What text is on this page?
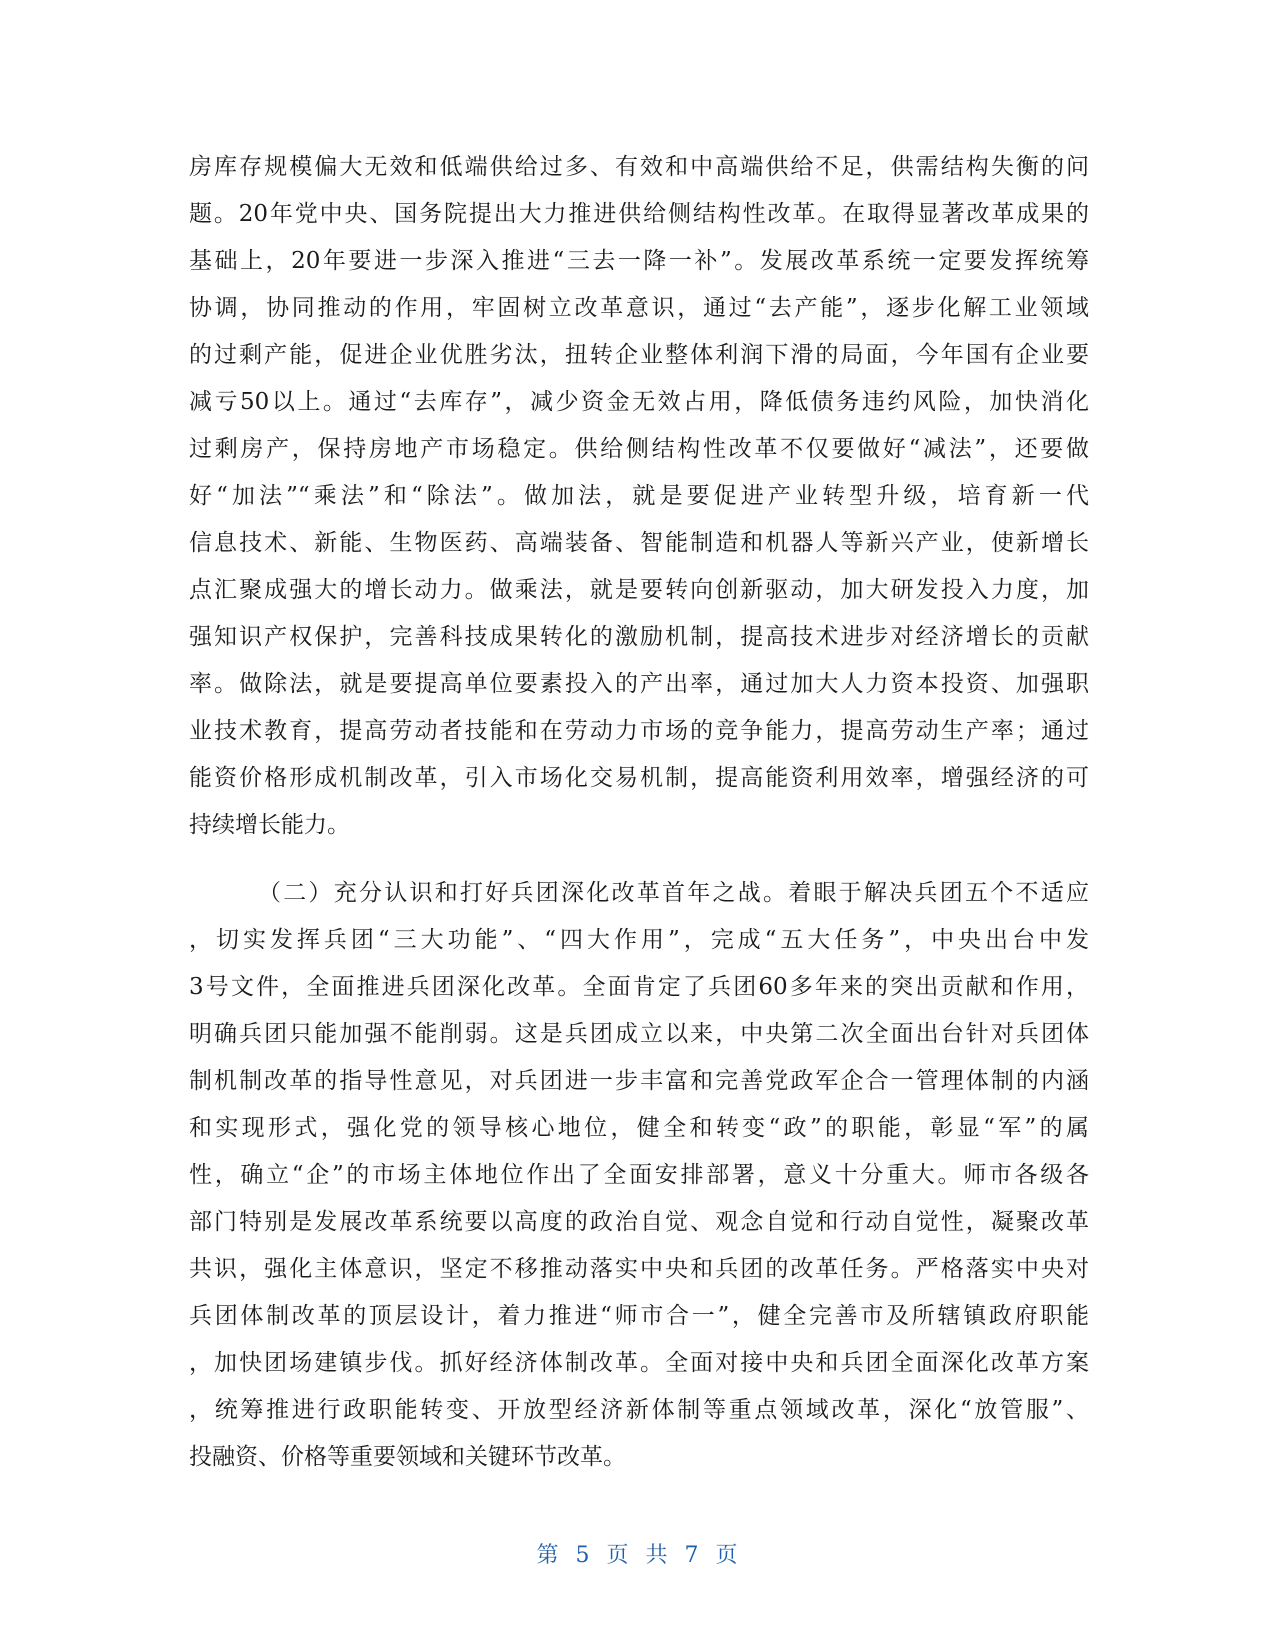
房库存规模偏大无效和低端供给过多、有效和中高端供给不足，供需结构失衡的问
题。20年党中央、国务院提出大力推进供给侧结构性改革。在取得显著改革成果的
基础上，20年要进一步深入推进“三去一降一补”。发展改革系统一定要发挥统筹
协调，协同推动的作用，牢固树立改革意识，通过“去产能”，逐步化解工业领域
的过剩产能，促进企业优胜劣汰，扭转企业整体利润下滑的局面，今年国有企业要
减亏50以上。通过“去库存”，减少资金无效占用，降低债务违约风险，加快消化
过剩房产，保持房地产市场稳定。供给侧结构性改革不仅要做好“减法”，还要做
好“加法”“乘法”和“除法”。做加法，就是要促进产业转型升级，培育新一代
信息技术、新能、生物医药、高端装备、智能制造和机器人等新兴产业，使新增长
点汇聚成强大的增长动力。做乘法，就是要转向创新驱动，加大研发投入力度，加
强知识产权保护，完善科技成果转化的激励机制，提高技术进步对经济增长的贡献
率。做除法，就是要提高单位要素投入的产出率，通过加大人力资本投资、加强职
业技术教育，提高劳动者技能和在劳动力市场的竞争能力，提高劳动生产率；通过
能资价格形成机制改革，引入市场化交易机制，提高能资利用效率，增强经济的可
持续增长能力。
（二）充分认识和打好兵团深化改革首年之战。着眼于解决兵团五个不适应
，切实发挥兵团“三大功能”、“四大作用”，完成“五大任务”，中央出台中发
3号文件，全面推进兵团深化改革。全面肯定了兵团60多年来的突出贡献和作用，
明确兵团只能加强不能削弱。这是兵团成立以来，中央第二次全面出台针对兵团体
制机制改革的指导性意见，对兵团进一步丰富和完善党政军企合一管理体制的内涵
和实现形式，强化党的领导核心地位，健全和转变“政”的职能，彰显“军”的属
性，确立“企”的市场主体地位作出了全面安排部署，意义十分重大。师市各级各
部门特别是发展改革系统要以高度的政治自觉、观念自觉和行动自觉性，凝聚改革
共识，强化主体意识，坚定不移推动落实中央和兵团的改革任务。严格落实中央对
兵团体制改革的顶层设计，着力推进“师市合一”，健全完善市及所辖镇政府职能
，加快团场建镇步伐。抓好经济体制改革。全面对接中央和兵团全面深化改革方案
，统筹推进行政职能转变、开放型经济新体制等重点领域改革，深化“放管服”、
投融资、价格等重要领域和关键环节改革。
第 5 页 共 7 页
